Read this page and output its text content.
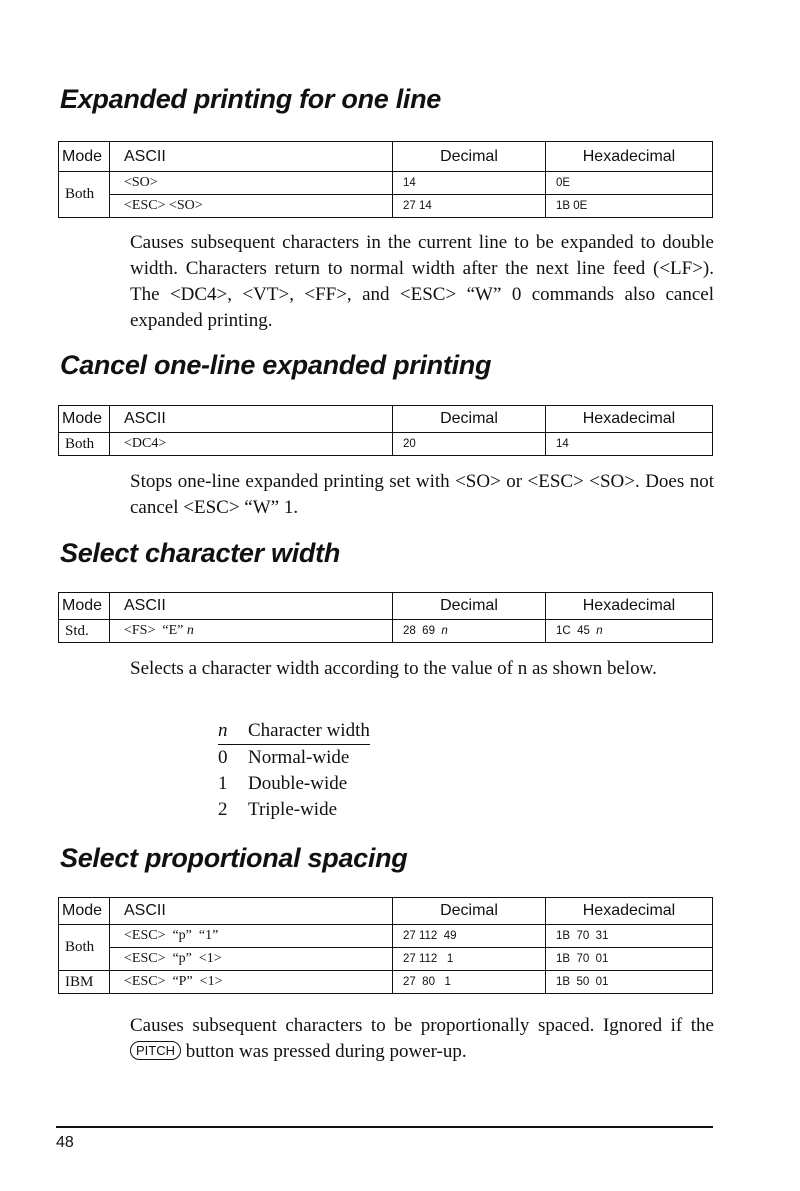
Expanded printing for one line
Mode	ASCII	Decimal	Hexadecimal
Both	<SO>	14	0E
	<ESC> <SO>	27 14	1B 0E

Causes subsequent characters in the current line to be expanded to double width. Characters return to normal width after the next line feed (<LF>). The <DC4>, <VT>, <FF>, and <ESC> “W” 0 commands also cancel expanded printing.

Cancel one-line expanded printing
Mode	ASCII	Decimal	Hexadecimal
Both	<DC4>	20	14

Stops one-line expanded printing set with <SO> or <ESC> <SO>. Does not cancel <ESC> “W” 1.

Select character width
Mode	ASCII	Decimal	Hexadecimal
Std.	<FS>  “E” n	28  69 n	1C  45 n

Selects a character width according to the value of n as shown below.

n	Character width
0	Normal-wide
1	Double-wide
2	Triple-wide
Select proportional spacing
Mode	ASCII	Decimal	Hexadecimal
Both	<ESC>  “p”  “1”	27 112  49	1B  70  31
	<ESC>  “p”  <1>	27 112   1	1B  70  01
IBM	<ESC>  “P”  <1>	27  80   1	1B  50  01

Causes subsequent characters to be proportionally spaced. Ignored if the PITCH button was pressed during power-up.

48
